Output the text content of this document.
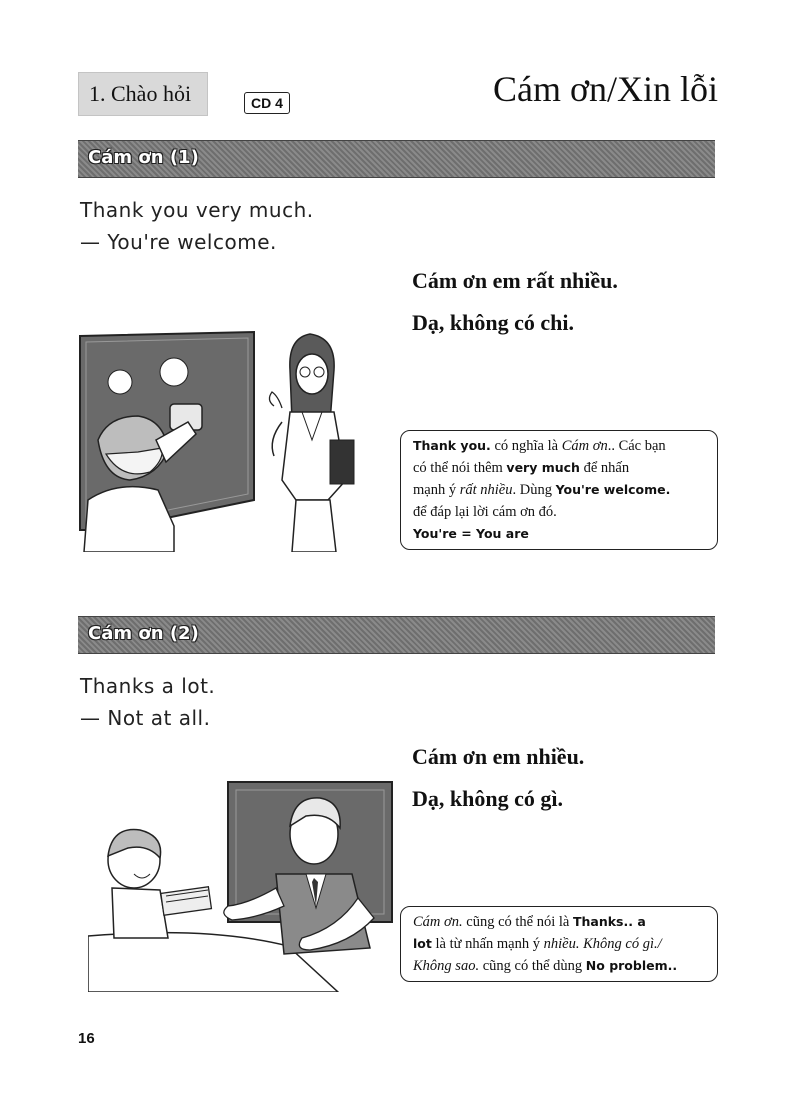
1. Chào hỏi	CD 4	Cám ơn/Xin lỗi
Cám ơn (1)
Thank you very much.
— You're welcome.
Cám ơn em rất nhiều.
Dạ, không có chi.
Thank you. có nghĩa là Cám ơn.. Các bạn
có thể nói thêm very much để nhấn
mạnh ý rất nhiều. Dùng You're welcome.
để đáp lại lời cám ơn đó.
You're = You are
Cám ơn (2)
Thanks a lot.
— Not at all.
Cám ơn em nhiều.
Dạ, không có gì.
Cám ơn. cũng có thể nói là Thanks.. a
lot là từ nhấn mạnh ý nhiều. Không có gì./
Không sao. cũng có thể dùng No problem..
16
